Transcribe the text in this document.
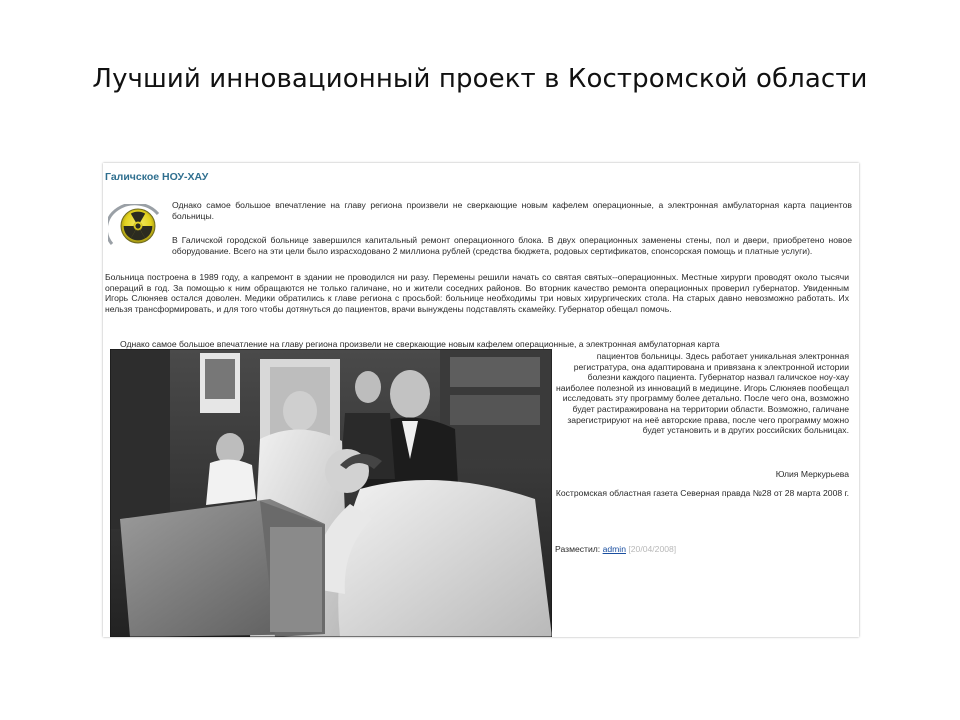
Лучший инновационный проект в Костромской области
Галичское НОУ-ХАУ

Однако самое большое впечатление на главу региона произвели не сверкающие новым кафелем операционные, а электронная амбулаторная карта пациентов больницы.

В Галичской городской больнице завершился капитальный ремонт операционного блока. В двух операционных заменены стены, пол и двери, приобретено новое оборудование. Всего на эти цели было израсходовано 2 миллиона рублей (средства бюджета, родовых сертификатов, спонсорская помощь и платные услуги).

Больница построена в 1989 году, а капремонт в здании не проводился ни разу. Перемены решили начать со святая святых--операционных. Местные хирурги проводят около тысячи операций в год. За помощью к ним обращаются не только галичане, но и жители соседних районов. Во вторник качество ремонта операционных проверил губернатор. Увиденным Игорь Слюняев остался доволен. Медики обратились к главе региона с просьбой: больнице необходимы три новых хирургических стола. На старых давно невозможно работать. Их нельзя трансформировать, и для того чтобы дотянуться до пациентов, врачи вынуждены подставлять скамейку. Губернатор обещал помочь.

Однако самое большое впечатление на главу региона произвели не сверкающие новым кафелем операционные, а электронная амбулаторная карта

пациентов больницы. Здесь работает уникальная электронная регистратура, она адаптирована и привязана к электронной истории болезни каждого пациента. Губернатор назвал галичское ноу-хау наиболее полезной из инноваций в медицине. Игорь Слюняев пообещал исследовать эту программу более детально. После чего она, возможно будет растиражирована на территории области. Возможно, галичане зарегистрируют на неё авторские права, после чего программу можно будет установить и в других российских больницах.

Юлия Меркурьева
Костромская областная газета Северная правда №28 от 28 марта 2008 г.
Разместил: admin [20/04/2008]
